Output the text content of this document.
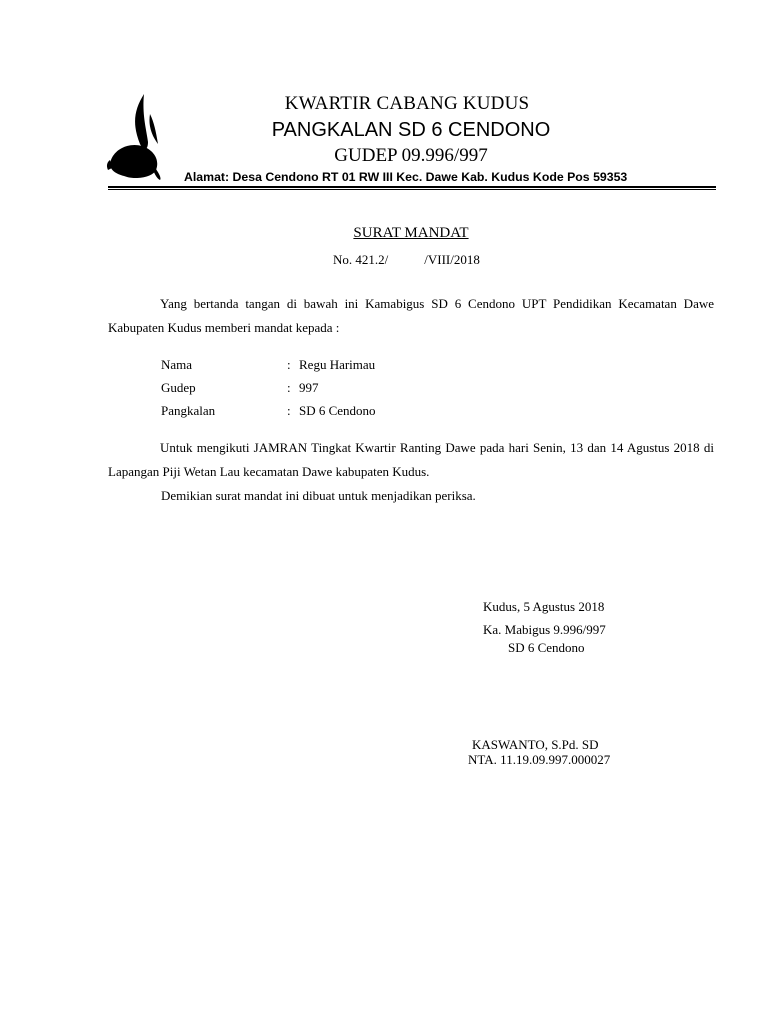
KWARTIR CABANG KUDUS
PANGKALAN SD 6 CENDONO
GUDEP 09.996/997
Alamat: Desa Cendono RT 01 RW III Kec. Dawe Kab. Kudus Kode Pos 59353
SURAT MANDAT
No. 421.2/	/VIII/2018
Yang bertanda tangan di bawah ini Kamabigus SD 6 Cendono UPT Pendidikan Kecamatan Dawe Kabupaten Kudus memberi mandat kepada :
Nama	: Regu Harimau
Gudep	: 997
Pangkalan	: SD 6 Cendono
Untuk mengikuti JAMRAN Tingkat Kwartir Ranting Dawe pada hari Senin, 13 dan 14 Agustus 2018 di Lapangan Piji Wetan Lau kecamatan Dawe kabupaten Kudus.
Demikian surat mandat ini dibuat untuk menjadikan periksa.
Kudus, 5 Agustus 2018
Ka. Mabigus 9.996/997
SD 6 Cendono
KASWANTO, S.Pd. SD
NTA. 11.19.09.997.000027
